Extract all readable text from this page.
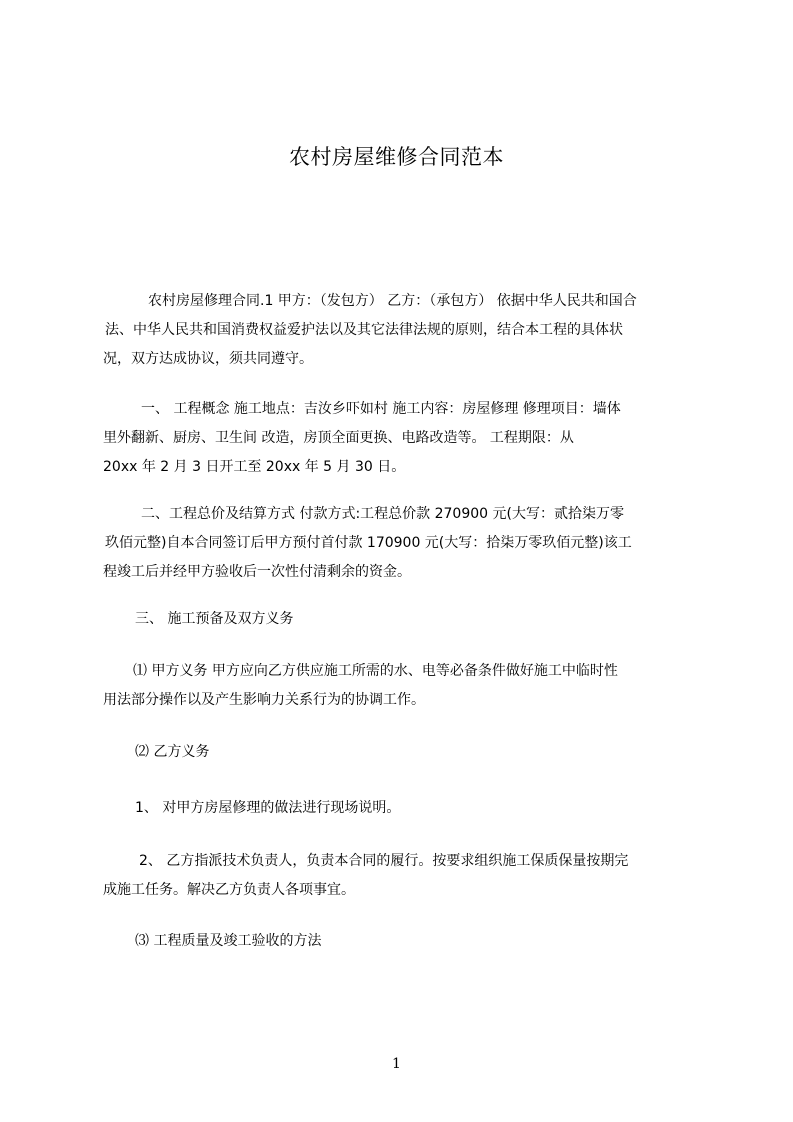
农村房屋维修合同范本
农村房屋修理合同.1 甲方：（发包方） 乙方：（承包方） 依据中华人民共和国合
法、中华人民共和国消费权益爱护法以及其它法律法规的原则，结合本工程的具体状
况，双方达成协议，须共同遵守。
一、 工程概念 施工地点：吉汝乡吓如村 施工内容：房屋修理 修理项目：墙体
里外翻新、厨房、卫生间 改造，房顶全面更换、电路改造等。 工程期限：从
20xx 年 2 月 3 日开工至 20xx 年 5 月 30 日。
二、工程总价及结算方式 付款方式:工程总价款 270900 元(大写：贰拾柒万零
玖佰元整)自本合同签订后甲方预付首付款 170900 元(大写：拾柒万零玖佰元整)该工
程竣工后并经甲方验收后一次性付清剩余的资金。
三、 施工预备及双方义务
⑴ 甲方义务 甲方应向乙方供应施工所需的水、电等必备条件做好施工中临时性
用法部分操作以及产生影响力关系行为的协调工作。
⑵ 乙方义务
1、 对甲方房屋修理的做法进行现场说明。
2、 乙方指派技术负责人，负责本合同的履行。按要求组织施工保质保量按期完
成施工任务。解决乙方负责人各项事宜。
⑶ 工程质量及竣工验收的方法
1
